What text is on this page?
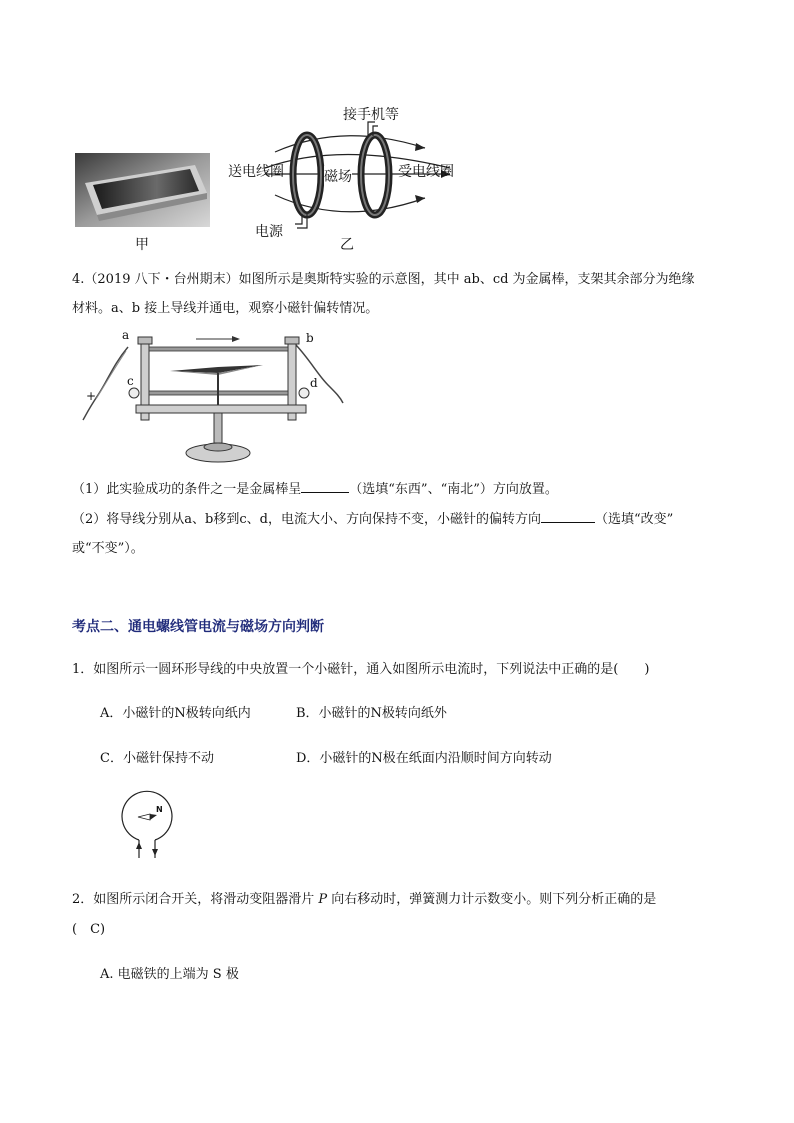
甲
接手机等
送电线圈	磁场	受电线圈
电源
乙
4.（2019 八下・台州期末）如图所示是奥斯特实验的示意图，其中 ab、cd 为金属棒，支架其余部分为绝缘
材料。a、b 接上导线并通电，观察小磁针偏转情况。
a	b
c	d
+
（1）此实验成功的条件之一是金属棒呈	（选填“东西”、“南北”）方向放置。
（2）将导线分别从a、b移到c、d，电流大小、方向保持不变，小磁针的偏转方向	（选填“改变”
或“不变”）。
考点二、通电螺线管电流与磁场方向判断
1．如图所示一圆环形导线的中央放置一个小磁针，通入如图所示电流时，下列说法中正确的是(　　)
A．小磁针的N极转向纸内	B．小磁针的N极转向纸外
C．小磁针保持不动	D．小磁针的N极在纸面内沿顺时间方向转动
N
2．如图所示闭合开关，将滑动变阻器滑片 P 向右移动时，弹簧测力计示数变小。则下列分析正确的是
(　C)
A. 电磁铁的上端为 S 极
